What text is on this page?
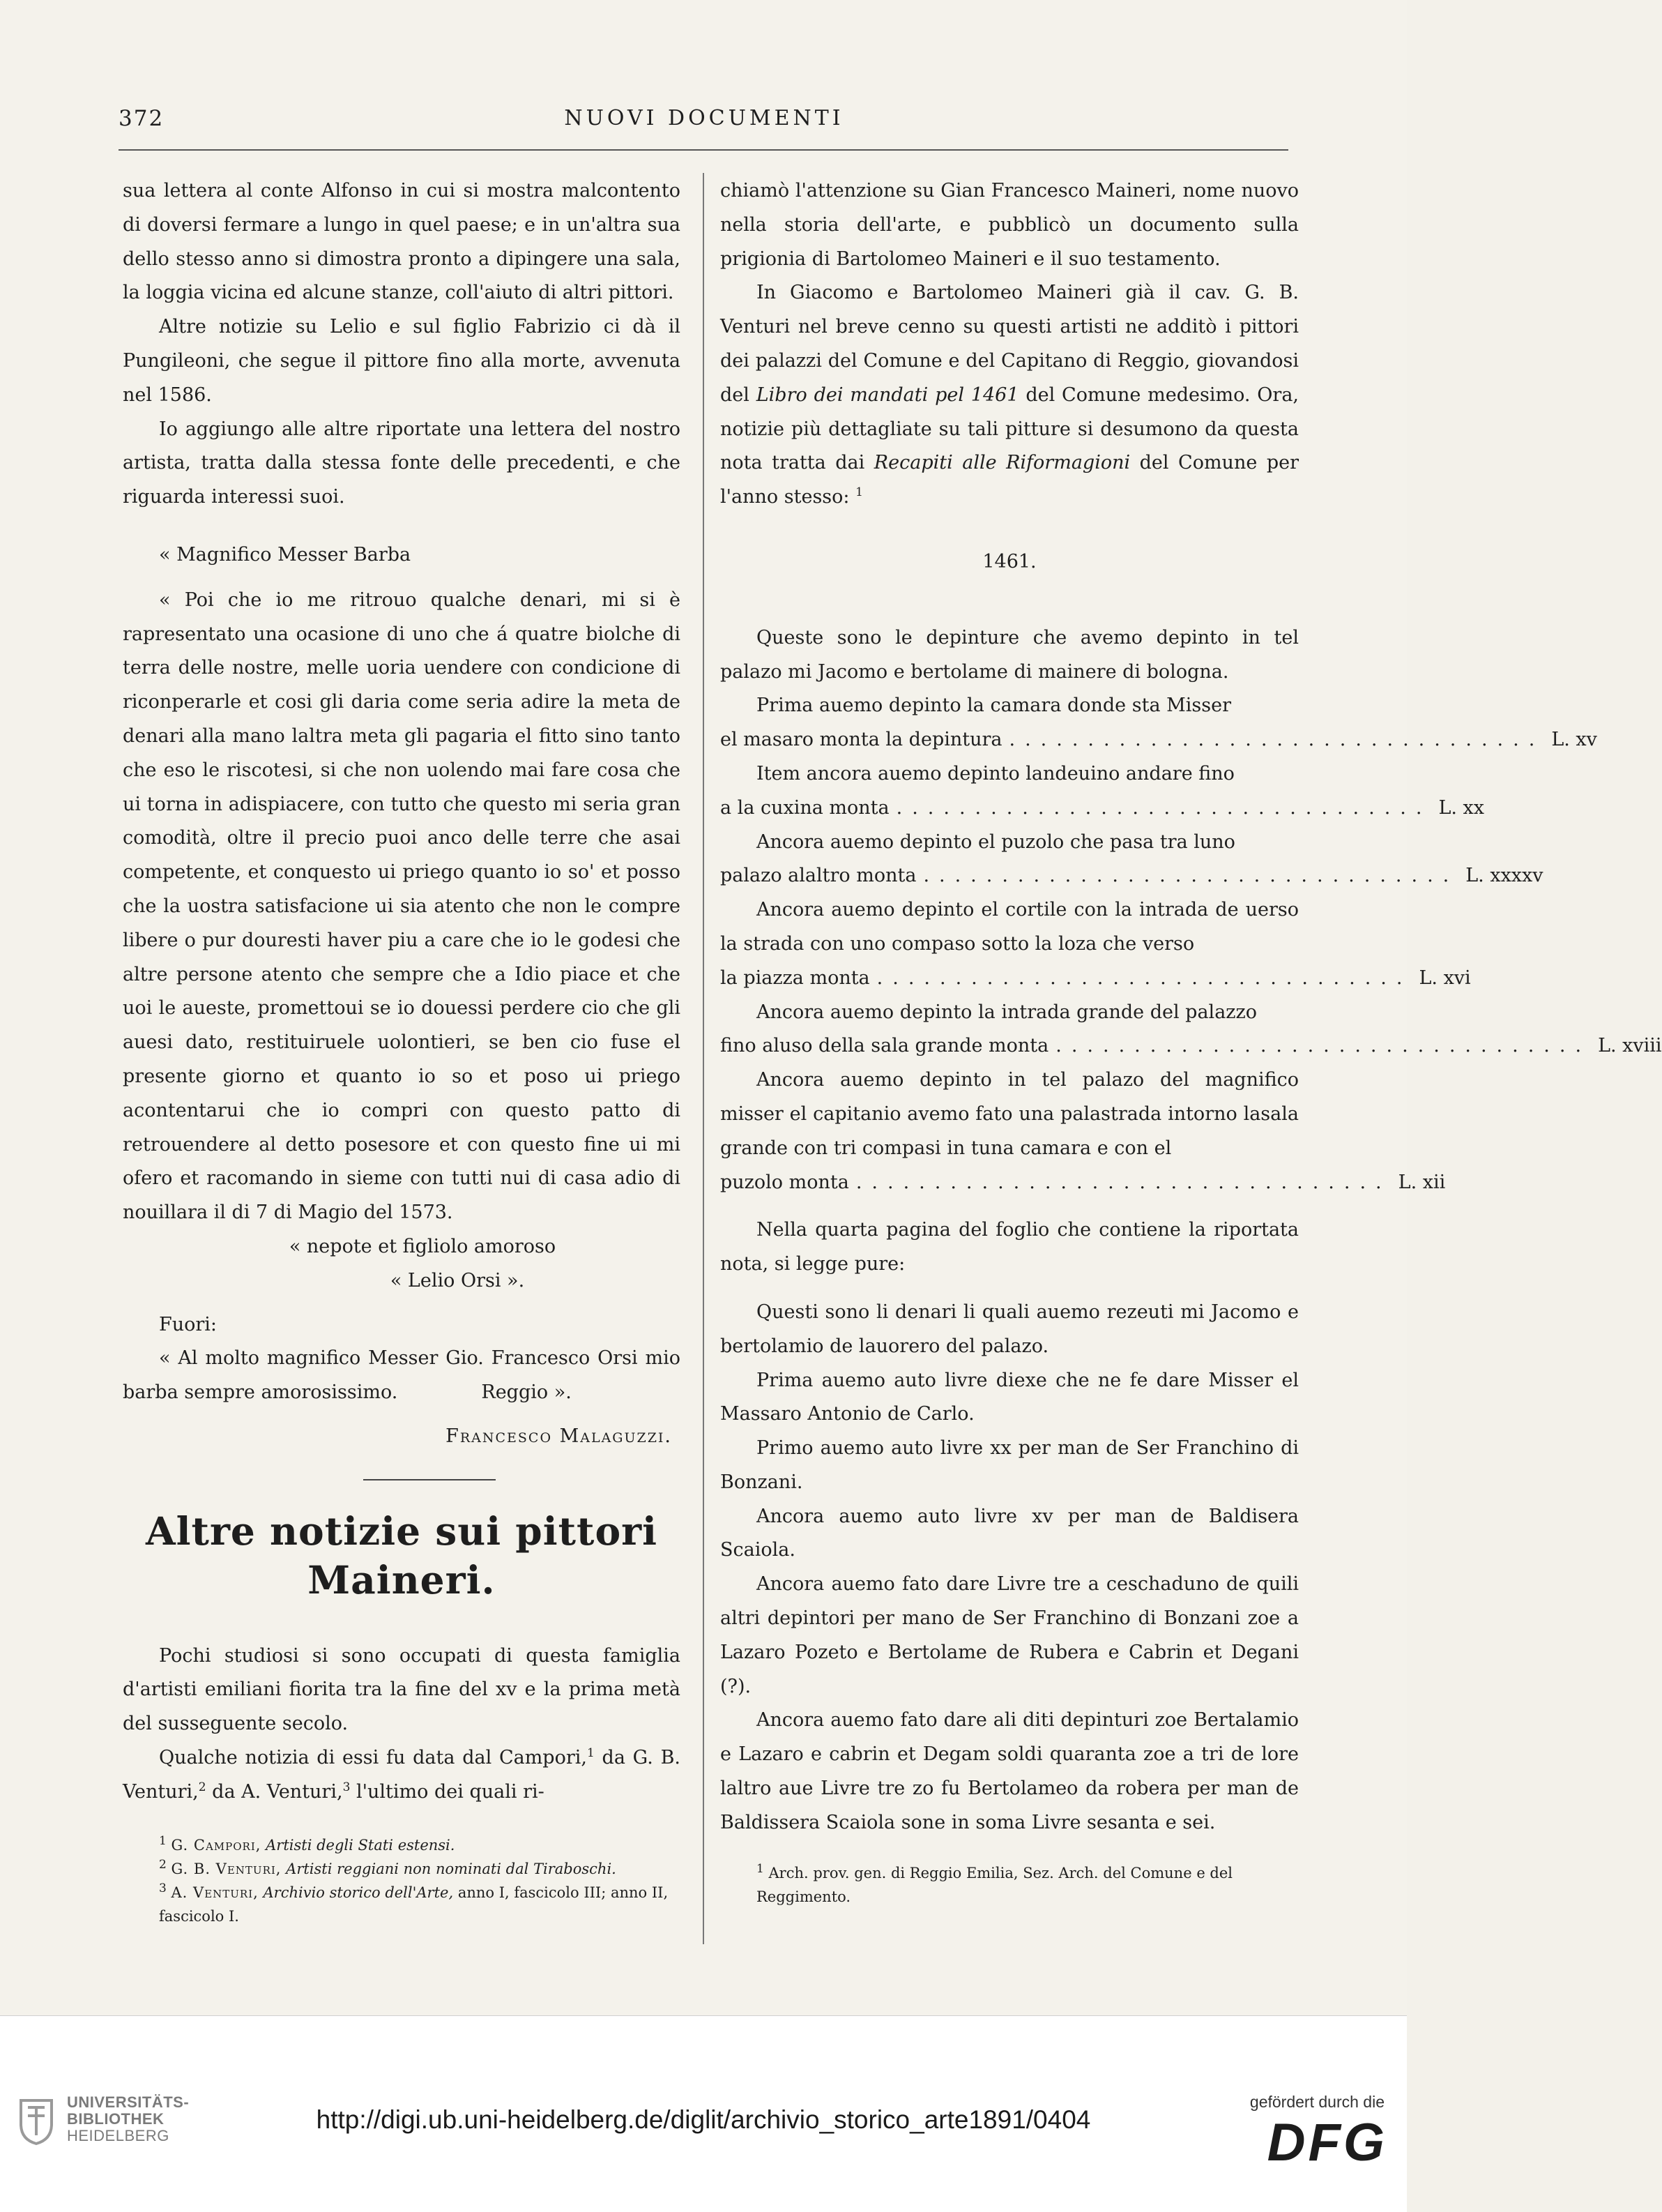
372	NUOVI DOCUMENTI

sua lettera al conte Alfonso in cui si mostra malcontento di doversi fermare a lungo in quel paese; e in un'altra sua dello stesso anno si dimostra pronto a dipingere una sala, la loggia vicina ed alcune stanze, coll'aiuto di altri pittori.

Altre notizie su Lelio e sul figlio Fabrizio ci dà il Pungileoni, che segue il pittore fino alla morte, avvenuta nel 1586.

Io aggiungo alle altre riportate una lettera del nostro artista, tratta dalla stessa fonte delle precedenti, e che riguarda interessi suoi.

« Magnifico Messer Barba

« Poi che io me ritrouo qualche denari, mi si è rapresentato una ocasione di uno che á quatre biolche di terra delle nostre, melle uoria uendere con condicione di riconperarle et cosi gli daria come seria adire la meta de denari alla mano laltra meta gli pagaria el fitto sino tanto che eso le riscotesi, si che non uolendo mai fare cosa che ui torna in adispiacere, con tutto che questo mi seria gran comodità, oltre il precio puoi anco delle terre che asai competente, et conquesto ui priego quanto io so' et posso che la uostra satisfacione ui sia atento che non le compre libere o pur douresti haver piu a care che io le godesi che altre persone atento che sempre che a Idio piace et che uoi le aueste, promettoui se io douessi perdere cio che gli auesi dato, restituiruele uolontieri, se ben cio fuse el presente giorno et quanto io so et poso ui priego acontentarui che io compri con questo patto di retrouendere al detto posesore et con questo fine ui mi ofero et racomando in sieme con tutti nui di casa adio di nouillara il di 7 di Magio del 1573.

« nepote et figliolo amoroso

« Lelio Orsi ».

Fuori:

« Al molto magnifico Messer Gio. Francesco Orsi mio barba sempre amorosissimo.	Reggio ».

Francesco Malaguzzi.

Altre notizie sui pittori Maineri.

Pochi studiosi si sono occupati di questa famiglia d'artisti emiliani fiorita tra la fine del xv e la prima metà del susseguente secolo.

Qualche notizia di essi fu data dal Campori,$^1$ da G. B. Venturi,$^2$ da A. Venturi,$^3$ l'ultimo dei quali ri-

$^1$ G. Campori, Artisti degli Stati estensi.

$^2$ G. B. Venturi, Artisti reggiani non nominati dal Tiraboschi.

$^3$ A. Venturi, Archivio storico dell'Arte, anno I, fascicolo III; anno II, fascicolo I.

chiamò l'attenzione su Gian Francesco Maineri, nome nuovo nella storia dell'arte, e pubblicò un documento sulla prigionia di Bartolomeo Maineri e il suo testamento.

In Giacomo e Bartolomeo Maineri già il cav. G. B. Venturi nel breve cenno su questi artisti ne additò i pittori dei palazzi del Comune e del Capitano di Reggio, giovandosi del Libro dei mandati pel 1461 del Comune medesimo. Ora, notizie più dettagliate su tali pitture si desumono da questa nota tratta dai Recapiti alle Riformagioni del Comune per l'anno stesso: $^1$

1461.

Queste sono le depinture che avemo depinto in tel palazo mi Jacomo e bertolame di mainere di bologna.

Prima auemo depinto la camara donde sta Misser

el masaro monta la depintura .................................. L. xv

Item ancora auemo depinto landeuino andare fino

a la cuxina monta .................................. L. xx

Ancora auemo depinto el puzolo che pasa tra luno

palazo alaltro monta .................................. L. xxxxv

Ancora auemo depinto el cortile con la intrada de uerso la strada con uno compaso sotto la loza che verso

la piazza monta .................................. L. xvi

Ancora auemo depinto la intrada grande del palazzo

fino aluso della sala grande monta .................................. L. xviii

Ancora auemo depinto in tel palazo del magnifico misser el capitanio avemo fato una palastrada intorno lasala grande con tri compasi in tuna camara e con el

puzolo monta .................................. L. xii

Nella quarta pagina del foglio che contiene la riportata nota, si legge pure:

Questi sono li denari li quali auemo rezeuti mi Jacomo e bertolamio de lauorero del palazo.

Prima auemo auto livre diexe che ne fe dare Misser el Massaro Antonio de Carlo.

Primo auemo auto livre xx per man de Ser Franchino di Bonzani.

Ancora auemo auto livre xv per man de Baldisera Scaiola.

Ancora auemo fato dare Livre tre a ceschaduno de quili altri depintori per mano de Ser Franchino di Bonzani zoe a Lazaro Pozeto e Bertolame de Rubera e Cabrin et Degani (?).

Ancora auemo fato dare ali diti depinturi zoe Bertalamio e Lazaro e cabrin et Degam soldi quaranta zoe a tri de lore laltro aue Livre tre zo fu Bertolameo da robera per man de Baldissera Scaiola sone in soma Livre sesanta e sei.

$^1$ Arch. prov. gen. di Reggio Emilia, Sez. Arch. del Comune e del Reggimento.

UNIVERSITÄTS-
BIBLIOTHEK
HEIDELBERG
http://digi.ub.uni-heidelberg.de/diglit/archivio_storico_arte1891/0404
gefördert durch die
DFG
